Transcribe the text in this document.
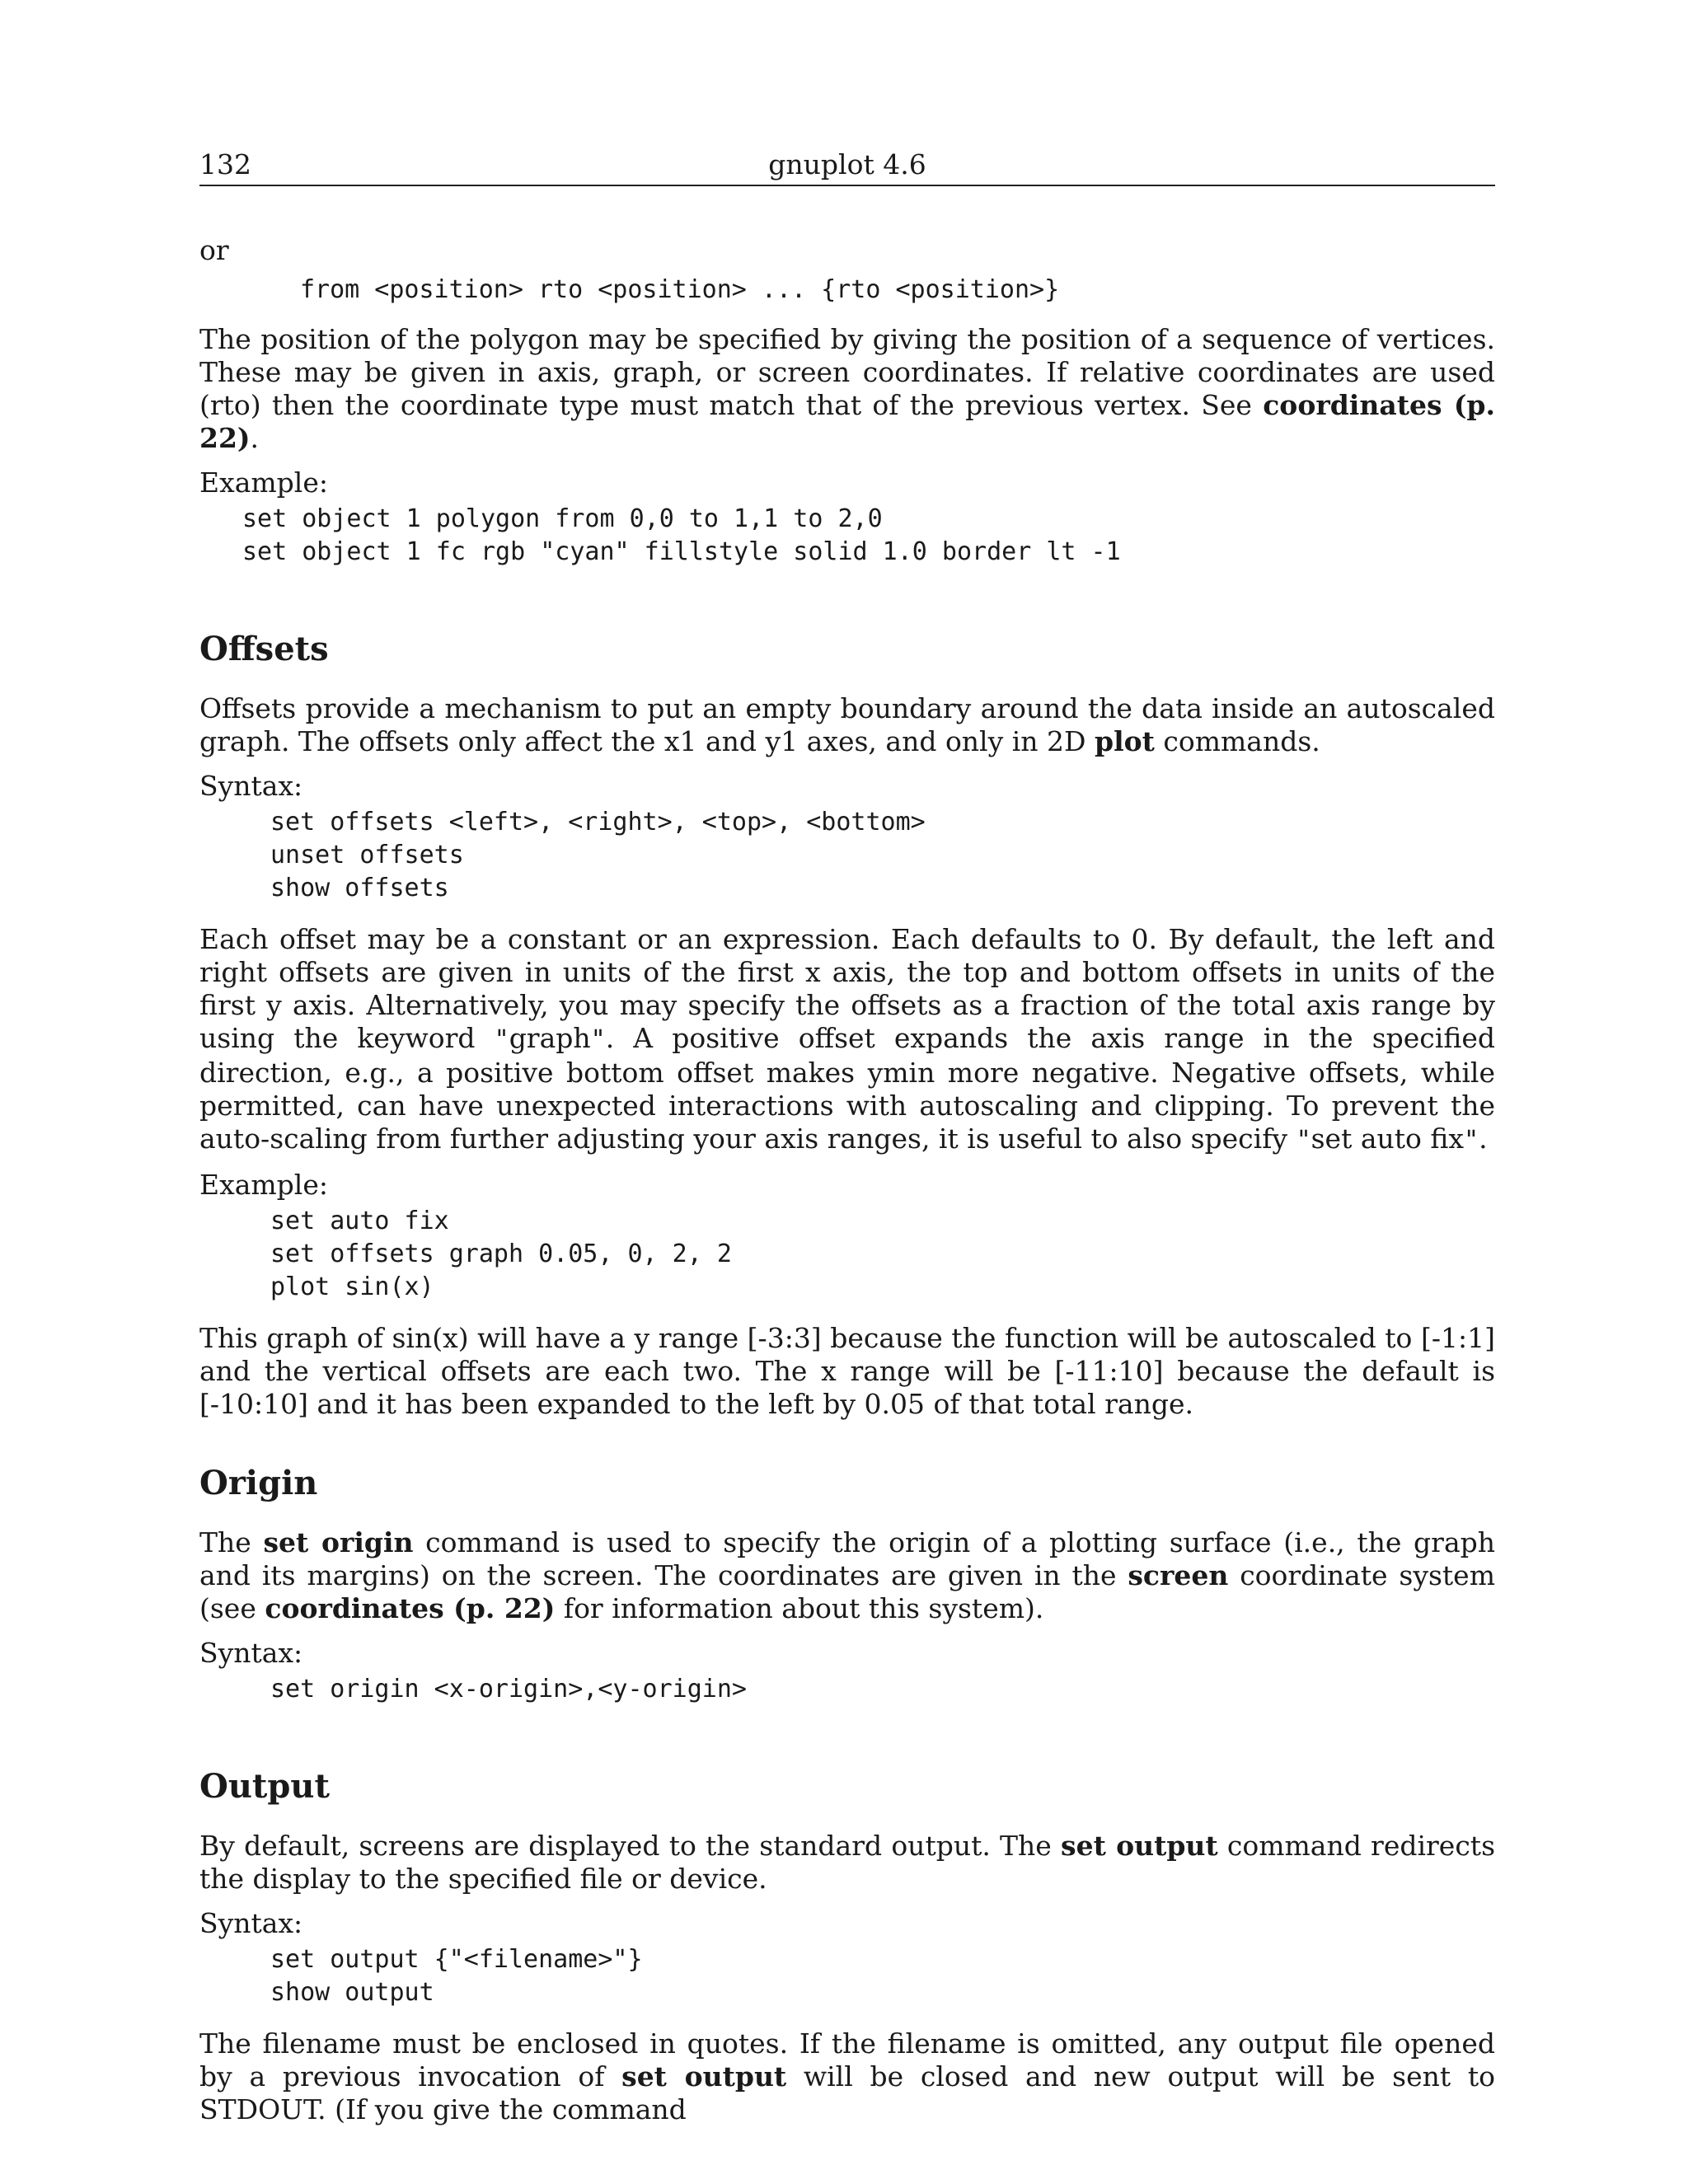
132	gnuplot 4.6

or

from <position> rto <position> ... {rto <position>}

The position of the polygon may be specified by giving the position of a sequence of vertices. These may be given in axis, graph, or screen coordinates. If relative coordinates are used (rto) then the coordinate type must match that of the previous vertex. See coordinates (p. 22).

Example:

set object 1 polygon from 0,0 to 1,1 to 2,0
set object 1 fc rgb "cyan" fillstyle solid 1.0 border lt -1
Offsets

Offsets provide a mechanism to put an empty boundary around the data inside an autoscaled graph. The offsets only affect the x1 and y1 axes, and only in 2D plot commands.

Syntax:

set offsets <left>, <right>, <top>, <bottom>
unset offsets
show offsets

Each offset may be a constant or an expression. Each defaults to 0. By default, the left and right offsets are given in units of the first x axis, the top and bottom offsets in units of the first y axis. Alternatively, you may specify the offsets as a fraction of the total axis range by using the keyword "graph". A positive offset expands the axis range in the specified direction, e.g., a positive bottom offset makes ymin more negative. Negative offsets, while permitted, can have unexpected interactions with autoscaling and clipping. To prevent the auto-scaling from further adjusting your axis ranges, it is useful to also specify "set auto fix".

Example:

set auto fix
set offsets graph 0.05, 0, 2, 2
plot sin(x)

This graph of sin(x) will have a y range [-3:3] because the function will be autoscaled to [-1:1] and the vertical offsets are each two. The x range will be [-11:10] because the default is [-10:10] and it has been expanded to the left by 0.05 of that total range.

Origin

The set origin command is used to specify the origin of a plotting surface (i.e., the graph and its margins) on the screen. The coordinates are given in the screen coordinate system (see coordinates (p. 22) for information about this system).

Syntax:

set origin <x-origin>,<y-origin>
Output

By default, screens are displayed to the standard output. The set output command redirects the display to the specified file or device.

Syntax:

set output {"<filename>"}
show output

The filename must be enclosed in quotes. If the filename is omitted, any output file opened by a previous invocation of set output will be closed and new output will be sent to STDOUT. (If you give the command
